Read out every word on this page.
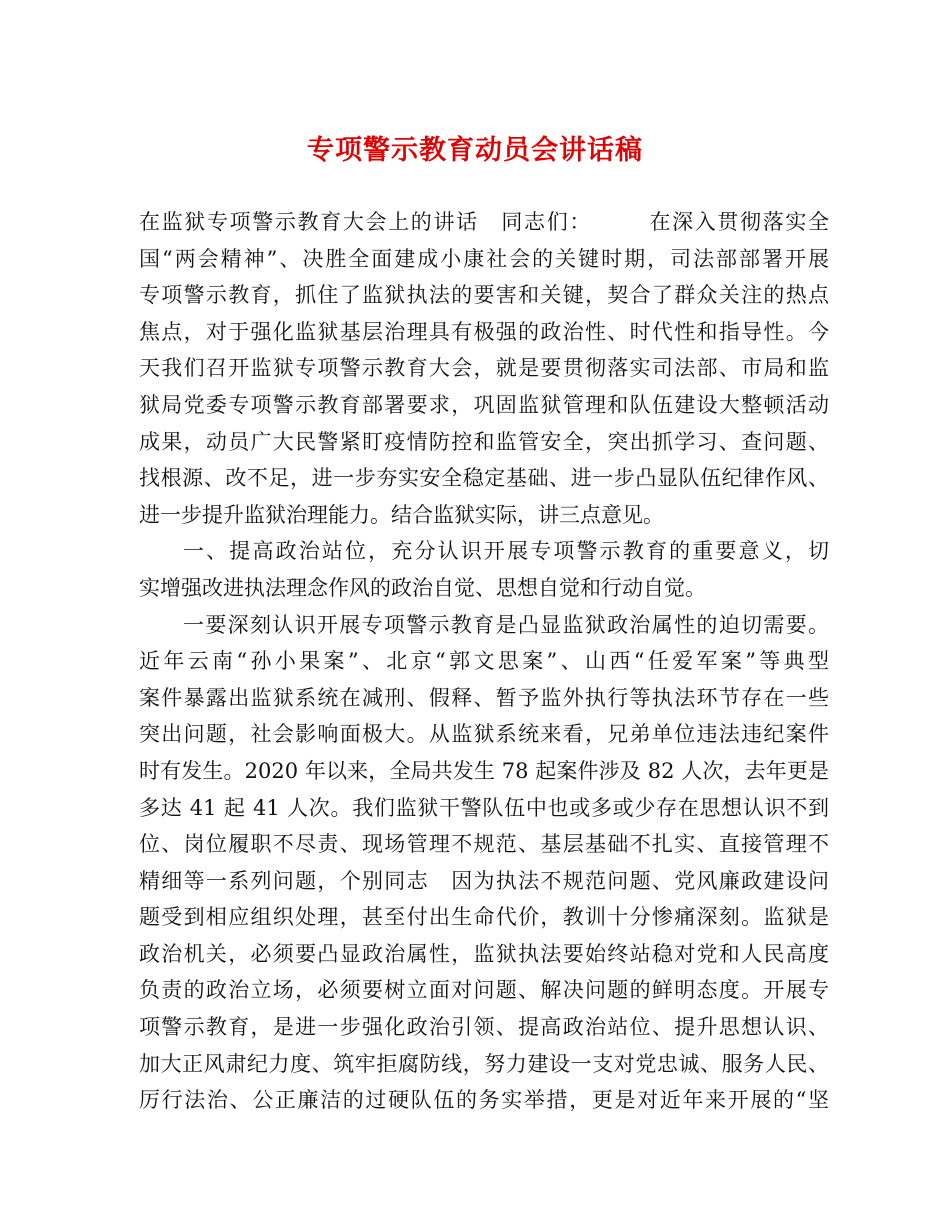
专项警示教育动员会讲话稿
在监狱专项警示教育大会上的讲话　同志们：　　　在深入贯彻落实全
国“两会精神”、决胜全面建成小康社会的关键时期，司法部部署开展
专项警示教育，抓住了监狱执法的要害和关键，契合了群众关注的热点
焦点，对于强化监狱基层治理具有极强的政治性、时代性和指导性。今
天我们召开监狱专项警示教育大会，就是要贯彻落实司法部、市局和监
狱局党委专项警示教育部署要求，巩固监狱管理和队伍建设大整顿活动
成果，动员广大民警紧盯疫情防控和监管安全，突出抓学习、查问题、
找根源、改不足，进一步夯实安全稳定基础、进一步凸显队伍纪律作风、
进一步提升监狱治理能力。结合监狱实际，讲三点意见。
一、提高政治站位，充分认识开展专项警示教育的重要意义，切
实增强改进执法理念作风的政治自觉、思想自觉和行动自觉。
一要深刻认识开展专项警示教育是凸显监狱政治属性的迫切需要。
近年云南“孙小果案”、北京“郭文思案”、山西“任爱军案”等典型
案件暴露出监狱系统在减刑、假释、暂予监外执行等执法环节存在一些
突出问题，社会影响面极大。从监狱系统来看，兄弟单位违法违纪案件
时有发生。2020 年以来，全局共发生 78 起案件涉及 82 人次，去年更是
多达 41 起 41 人次。我们监狱干警队伍中也或多或少存在思想认识不到
位、岗位履职不尽责、现场管理不规范、基层基础不扎实、直接管理不
精细等一系列问题，个别同志　因为执法不规范问题、党风廉政建设问
题受到相应组织处理，甚至付出生命代价，教训十分惨痛深刻。监狱是
政治机关，必须要凸显政治属性，监狱执法要始终站稳对党和人民高度
负责的政治立场，必须要树立面对问题、解决问题的鲜明态度。开展专
项警示教育，是进一步强化政治引领、提高政治站位、提升思想认识、
加大正风肃纪力度、筑牢拒腐防线，努力建设一支对党忠诚、服务人民、
厉行法治、公正廉洁的过硬队伍的务实举措，更是对近年来开展的“坚
